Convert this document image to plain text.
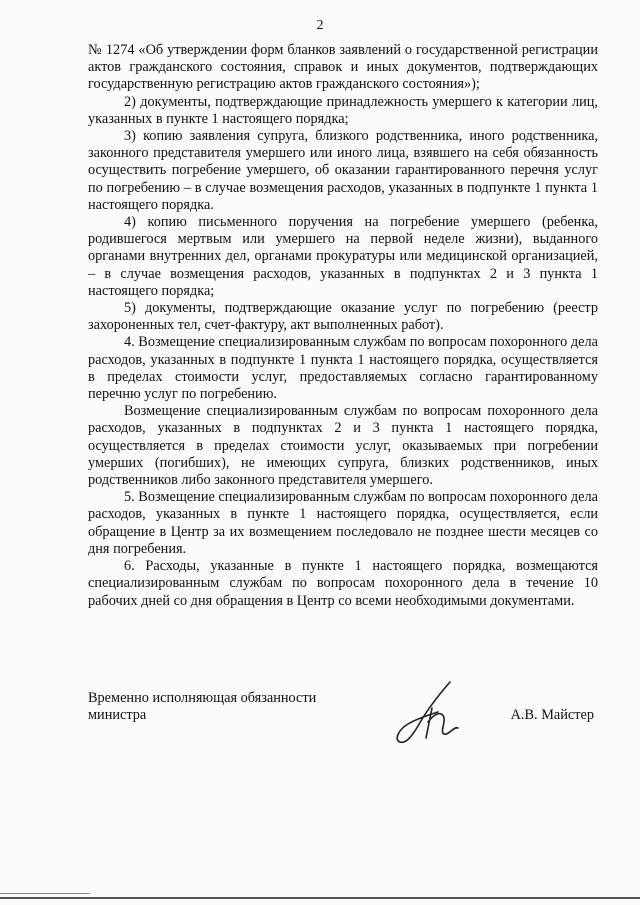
2

№ 1274 «Об утверждении форм бланков заявлений о государственной регистрации актов гражданского состояния, справок и иных документов, подтверждающих государственную регистрацию актов гражданского состояния»);

2) документы, подтверждающие принадлежность умершего к категории лиц, указанных в пункте 1 настоящего порядка;

3) копию заявления супруга, близкого родственника, иного родственника, законного представителя умершего или иного лица, взявшего на себя обязанность осуществить погребение умершего, об оказании гарантированного перечня услуг по погребению – в случае возмещения расходов, указанных в подпункте 1 пункта 1 настоящего порядка.

4) копию письменного поручения на погребение умершего (ребенка, родившегося мертвым или умершего на первой неделе жизни), выданного органами внутренних дел, органами прокуратуры или медицинской организацией, – в случае возмещения расходов, указанных в подпунктах 2 и 3 пункта 1 настоящего порядка;

5) документы, подтверждающие оказание услуг по погребению (реестр захороненных тел, счет-фактуру, акт выполненных работ).

4. Возмещение специализированным службам по вопросам похоронного дела расходов, указанных в подпункте 1 пункта 1 настоящего порядка, осуществляется в пределах стоимости услуг, предоставляемых согласно гарантированному перечню услуг по погребению.

Возмещение специализированным службам по вопросам похоронного дела расходов, указанных в подпунктах 2 и 3 пункта 1 настоящего порядка, осуществляется в пределах стоимости услуг, оказываемых при погребении умерших (погибших), не имеющих супруга, близких родственников, иных родственников либо законного представителя умершего.

5. Возмещение специализированным службам по вопросам похоронного дела расходов, указанных в пункте 1 настоящего порядка, осуществляется, если обращение в Центр за их возмещением последовало не позднее шести месяцев со дня погребения.

6. Расходы, указанные в пункте 1 настоящего порядка, возмещаются специализированным службам по вопросам похоронного дела в течение 10 рабочих дней со дня обращения в Центр со всеми необходимыми документами.

Временно исполняющая обязанности
министра	А.В. Майстер
